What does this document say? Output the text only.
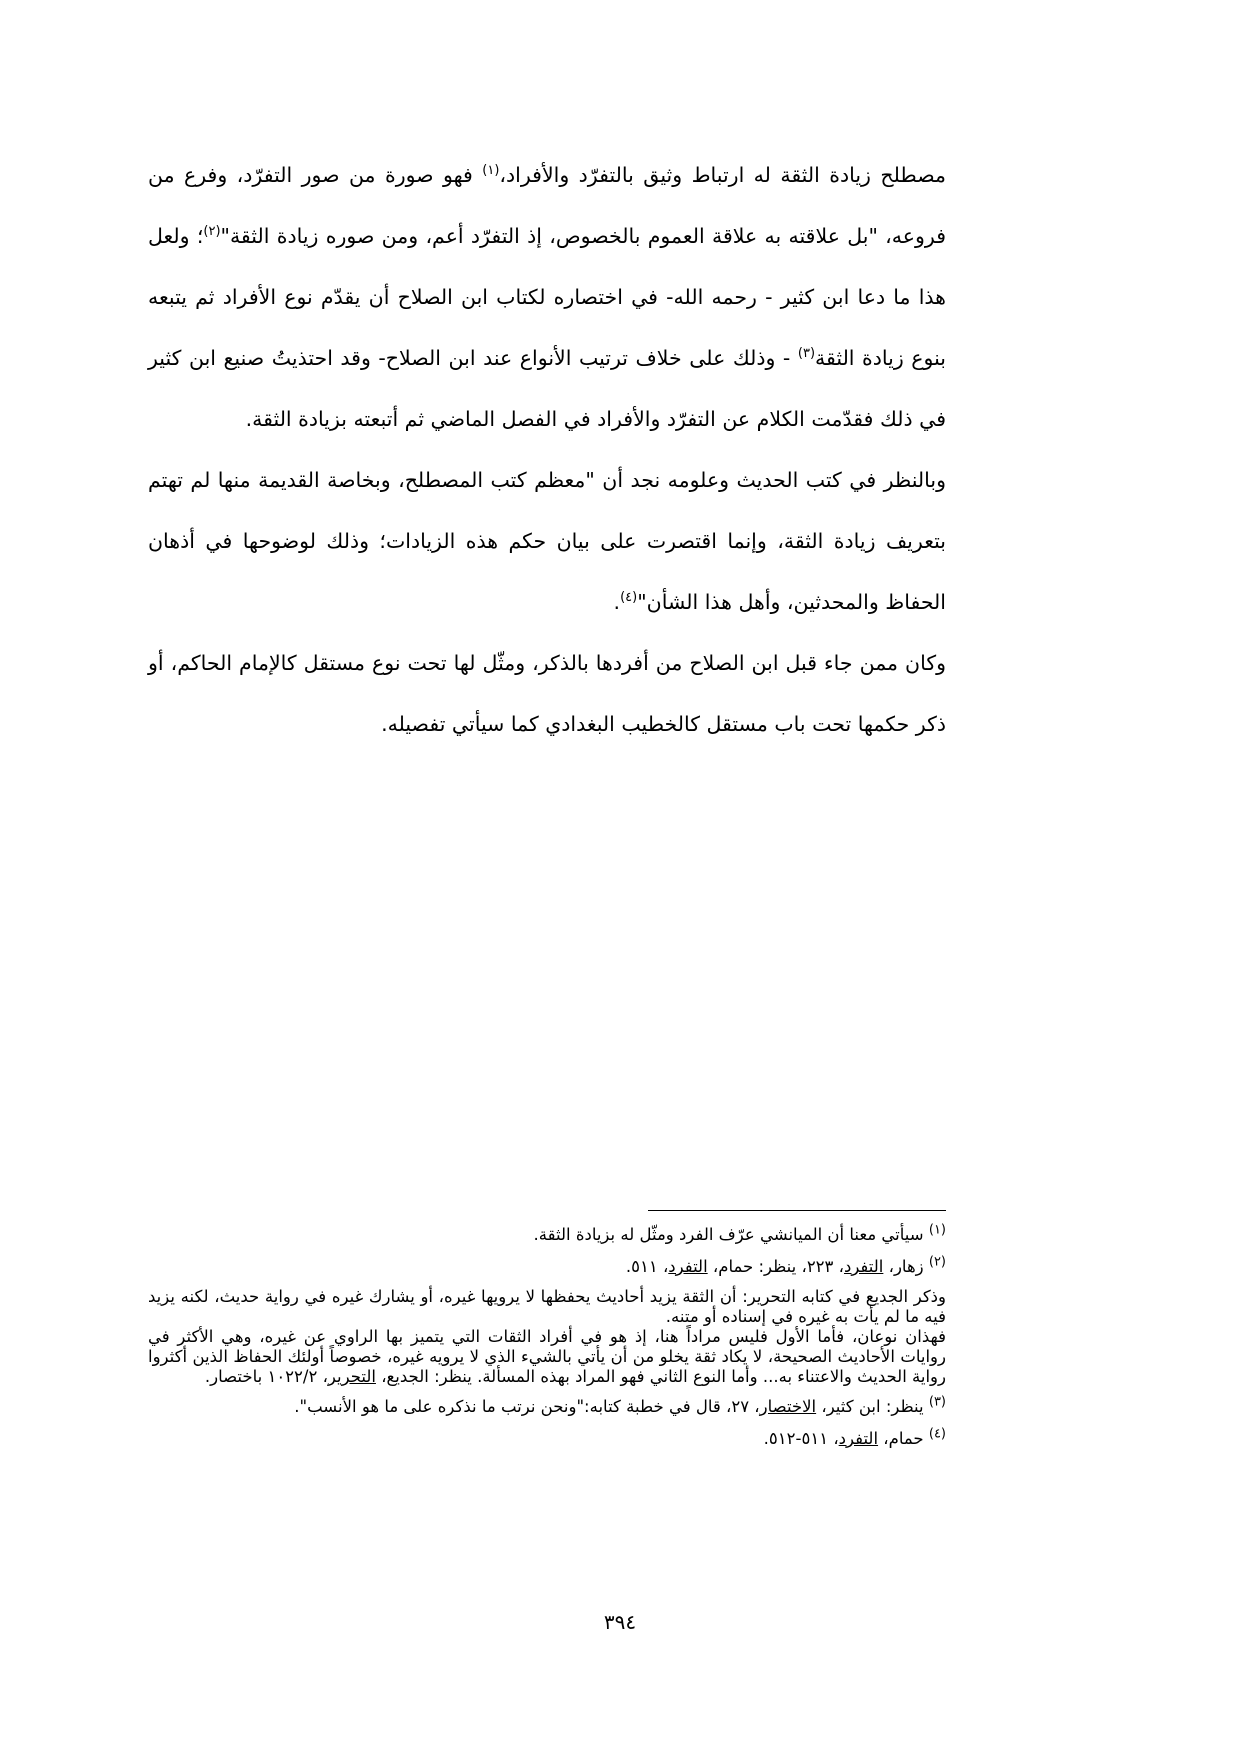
مصطلح زيادة الثقة له ارتباط وثيق بالتفرّد والأفراد،$^{(١)}$ فهو صورة من صور التفرّد، وفرع من فروعه، "بل علاقته به علاقة العموم بالخصوص، إذ التفرّد أعم، ومن صوره زيادة الثقة"$^{(٢)}$؛ ولعل هذا ما دعا ابن كثير - رحمه الله- في اختصاره لكتاب ابن الصلاح أن يقدّم نوع الأفراد ثم يتبعه بنوع زيادة الثقة$^{(٣)}$ - وذلك على خلاف ترتيب الأنواع عند ابن الصلاح- وقد احتذيتُ صنيع ابن كثير في ذلك فقدّمت الكلام عن التفرّد والأفراد في الفصل الماضي ثم أتبعته بزيادة الثقة.

وبالنظر في كتب الحديث وعلومه نجد أن "معظم كتب المصطلح، وبخاصة القديمة منها لم تهتم بتعريف زيادة الثقة، وإنما اقتصرت على بيان حكم هذه الزيادات؛ وذلك لوضوحها في أذهان الحفاظ والمحدثين، وأهل هذا الشأن"$^{(٤)}$.

وكان ممن جاء قبل ابن الصلاح من أفردها بالذكر، ومثّل لها تحت نوع مستقل كالإمام الحاكم، أو ذكر حكمها تحت باب مستقل كالخطيب البغدادي كما سيأتي تفصيله.

$^{(١)}$ سيأتي معنا أن الميانشي عرّف الفرد ومثّل له بزيادة الثقة.

$^{(٢)}$ زهار، التفرد، ٢٢٣، ينظر: حمام، التفرد، ٥١١.

وذكر الجديع في كتابه التحرير: أن الثقة يزيد أحاديث يحفظها لا يرويها غيره، أو يشارك غيره في رواية حديث، لكنه يزيد فيه ما لم يأت به غيره في إسناده أو متنه.

فهذان نوعان، فأما الأول فليس مراداً هنا، إذ هو في أفراد الثقات التي يتميز بها الراوي عن غيره، وهي الأكثر في روايات الأحاديث الصحيحة، لا يكاد ثقة يخلو من أن يأتي بالشيء الذي لا يرويه غيره، خصوصاً أولئك الحفاظ الذين أكثروا رواية الحديث والاعتناء به... وأما النوع الثاني فهو المراد بهذه المسألة. ينظر: الجديع، التحرير، ١٠٢٢/٢ باختصار.

$^{(٣)}$ ينظر: ابن كثير، الاختصار، ٢٧، قال في خطبة كتابه:"ونحن نرتب ما نذكره على ما هو الأنسب".

$^{(٤)}$ حمام، التفرد، ٥١١-٥١٢.

٣٩٤
